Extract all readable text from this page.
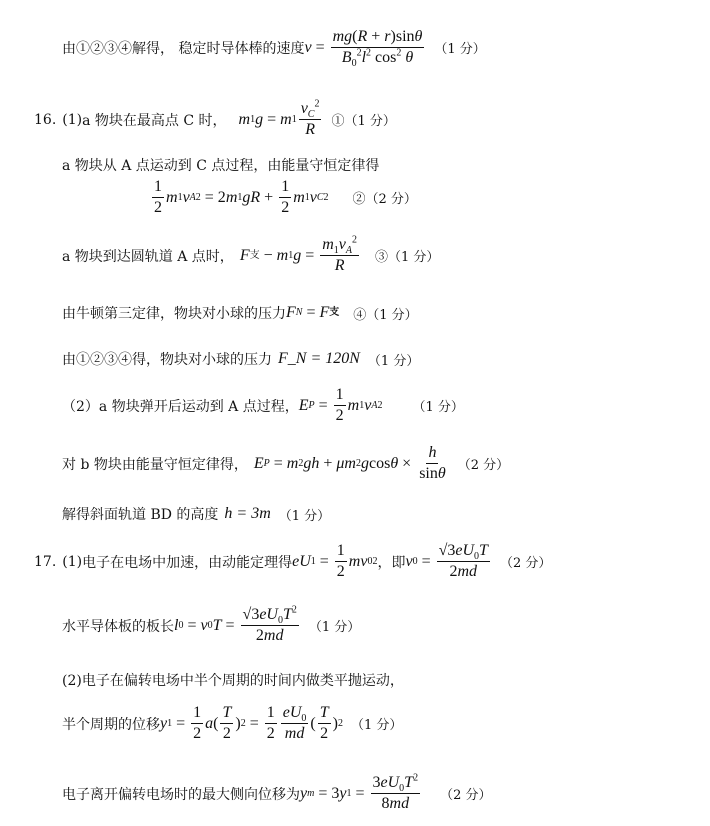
由①②③④解得， 稳定时导体棒的速度 $v = \frac{mg(R + r)\sin\theta}{B_0^2l^2 \cos^2 \theta} (1$ 分）
16. (1) a 物块在最高点 C 时， m 1 g = m $1 \frac{v_C^2}{R}$ ①（1 分）
a 物块从 A 点运动到 C 点过程，由能量守恒定律得
$\frac{1}{2}$ m 1 v A 2 = 2 m 1 gR + $\frac{1}{2}$ m 1 v C 2 ②（2 分）
a 物块到达圆轨道 A 点时， F 支 − m 1 $g = \frac{m_1v_A^2}{R}$ ③（1 分）
由牛顿第三定律，物块对小球的压力 F N = F 支 ④（1 分）
由①②③④得，物块对小球的压力 F_N = 120N （1 分）
（2） a 物块弹开后运动到 A 点过程， E $P = \frac{1}{2}$ m 1 v A 2 （1 分）
对 b 物块由能量守恒定律得， E P = m 2 gh + μm 2 g $\cos \theta \times \frac{h}{\sin\theta} (2$ 分）
解得斜面轨道 BD 的高度 h = 3m （1 分）
17. (1) 电子在电场中加速，由动能定理得 eU $1 = \frac{1}{2}$ mv 0 2 ，即 v $0 = \frac{√3eU_0T}{2md} (2$ 分）
水平导体板的板长 l 0 = v 0 $T = \frac{√3eU_0T^2}{2md} (1$ 分）
(2)电子在偏转电场中半个周期的时间内做类平抛运动，
半个周期的位移 y $1 = \frac{1}{2}$ a ( $\frac{T}{2}$ ) $2 = \frac{1}{2} \frac{eU_0}{md}$ ( $\frac{T}{2}$ ) 2 （1 分）
电子离开偏转电场时的最大侧向位移为 y m = 3 y $1 = \frac{3eU_0T^2}{8md} (2$ 分）
